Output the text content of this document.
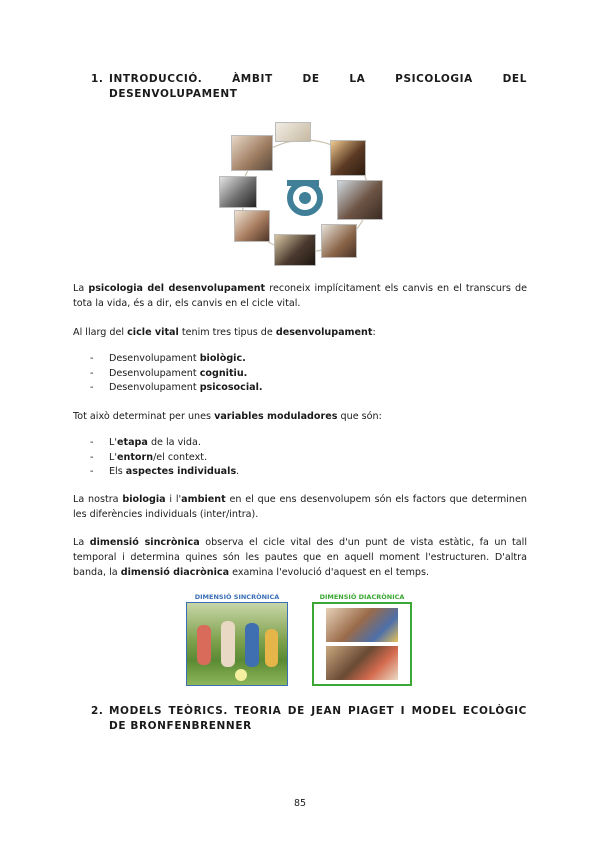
1. INTRODUCCIÓ. ÀMBIT DE LA PSICOLOGIA DEL
DESENVOLUPAMENT
La psicologia del desenvolupament reconeix implícitament els canvis en el transcurs de tota la vida, és a dir, els canvis en el cicle vital.
Al llarg del cicle vital tenim tres tipus de desenvolupament:
- Desenvolupament biològic.
- Desenvolupament cognitiu.
- Desenvolupament psicosocial.
Tot això determinat per unes variables moduladores que són:
- L'etapa de la vida.
- L'entorn/el context.
- Els aspectes individuals.
La nostra biologia i l'ambient en el que ens desenvolupem són els factors que determinen les diferències individuals (inter/intra).
La dimensió sincrònica observa el cicle vital des d'un punt de vista estàtic, fa un tall temporal i determina quines són les pautes que en aquell moment l'estructuren. D'altra banda, la dimensió diacrònica examina l'evolució d'aquest en el temps.
DIMENSIÓ SINCRÒNICA	DIMENSIÓ DIACRÒNICA
2. MODELS TEÒRICS. TEORIA DE JEAN PIAGET I MODEL ECOLÒGIC
DE BRONFENBRENNER
85
